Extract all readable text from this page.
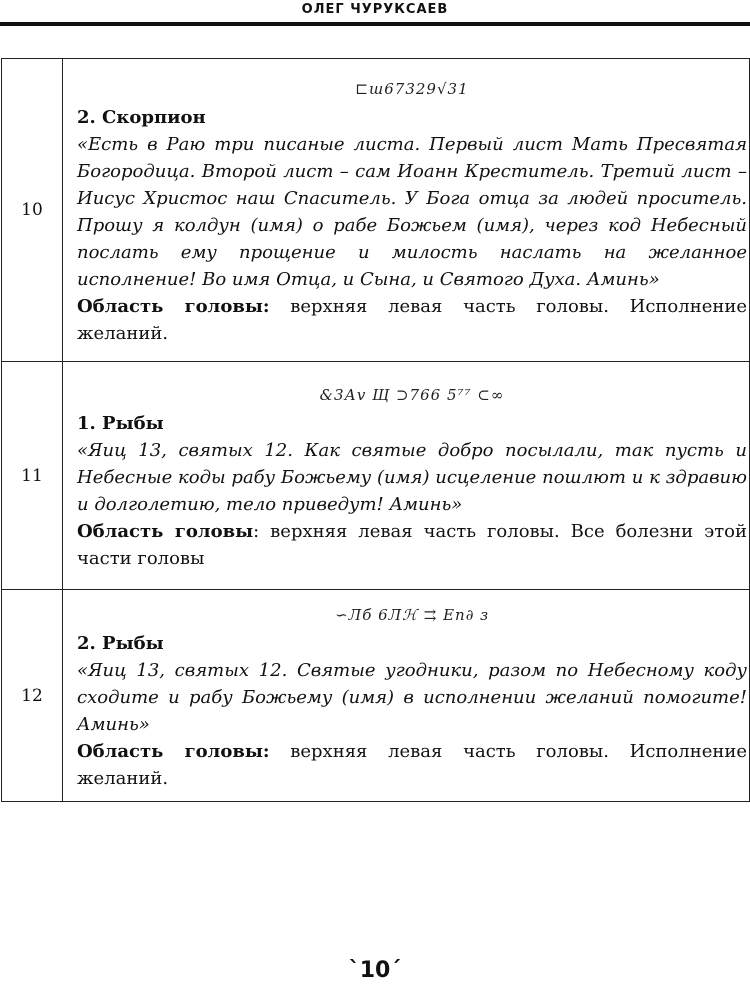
ОЛЕГ ЧУРУКСАЕВ
10	⊏ш67329√31
2. Скорпион
«Есть в Раю три писаные листа. Первый лист Мать Пресвятая Богородица. Второй лист – сам Иоанн Креститель. Третий лист – Иисус Христос наш Спаситель. У Бога отца за людей проситель. Прошу я колдун (имя) о рабе Божьем (имя), через код Небесный послать ему прощение и милость наслать на желанное исполнение! Во имя Отца, и Сына, и Святого Духа. Аминь»
Область головы: верхняя левая часть головы. Исполнение желаний.

11	&3Аv Щ ⊃766 5⁷⁷ ⊂∞
1. Рыбы
«Яиц 13, святых 12. Как святые добро посылали, так пусть и Небесные коды рабу Божьему (имя) исцеление пошлют и к здравию и долголетию, тело приведут! Аминь»
Область головы: верхняя левая часть головы. Все болезни этой части головы

12	∽Лб 6Лℋ ⇉ Еп∂ ɜ
2. Рыбы
«Яиц 13, святых 12. Святые угодники, разом по Небесному коду сходите и рабу Божьему (имя) в исполнении желаний помогите! Аминь»
Область головы: верхняя левая часть головы. Исполнение желаний.
`10´
